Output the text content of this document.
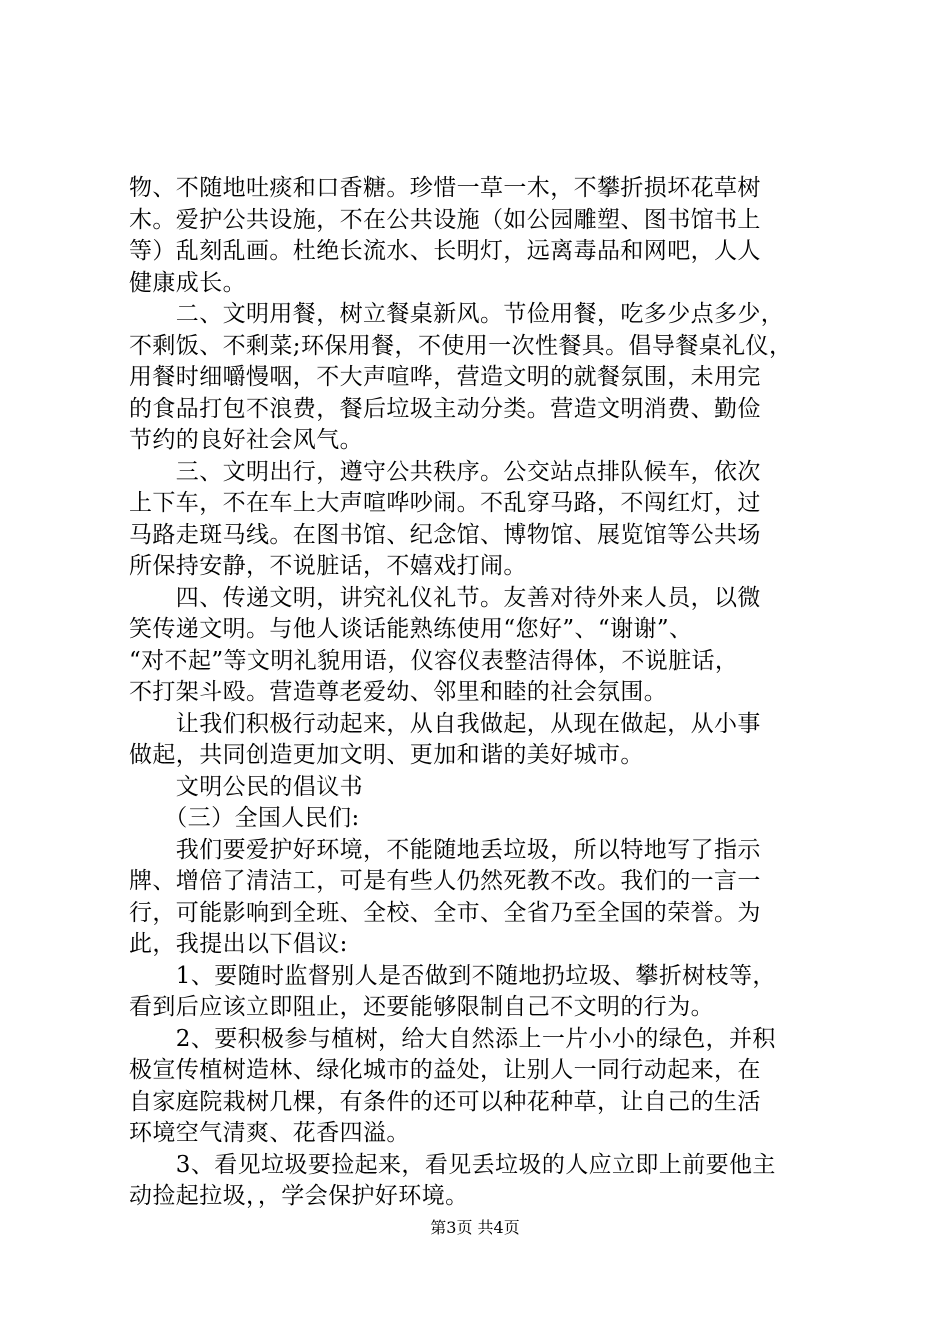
物、不随地吐痰和口香糖。珍惜一草一木，不攀折损坏花草树
木。爱护公共设施，不在公共设施（如公园雕塑、图书馆书上
等）乱刻乱画。杜绝长流水、长明灯，远离毒品和网吧，人人
健康成长。
　　二、文明用餐，树立餐桌新风。节俭用餐，吃多少点多少，
不剩饭、不剩菜;环保用餐，不使用一次性餐具。倡导餐桌礼仪，
用餐时细嚼慢咽，不大声喧哗，营造文明的就餐氛围，未用完
的食品打包不浪费，餐后垃圾主动分类。营造文明消费、勤俭
节约的良好社会风气。
　　三、文明出行，遵守公共秩序。公交站点排队候车，依次
上下车，不在车上大声喧哗吵闹。不乱穿马路，不闯红灯，过
马路走斑马线。在图书馆、纪念馆、博物馆、展览馆等公共场
所保持安静，不说脏话，不嬉戏打闹。
　　四、传递文明，讲究礼仪礼节。友善对待外来人员，以微
笑传递文明。与他人谈话能熟练使用“您好”、“谢谢”、
“对不起”等文明礼貌用语，仪容仪表整洁得体，不说脏话，
不打架斗殴。营造尊老爱幼、邻里和睦的社会氛围。
　　让我们积极行动起来，从自我做起，从现在做起，从小事
做起，共同创造更加文明、更加和谐的美好城市。
　　文明公民的倡议书
　　（三）全国人民们:
　　我们要爱护好环境，不能随地丢垃圾，所以特地写了指示
牌、增倍了清洁工，可是有些人仍然死教不改。我们的一言一
行，可能影响到全班、全校、全市、全省乃至全国的荣誉。为
此，我提出以下倡议:
　　1、要随时监督别人是否做到不随地扔垃圾、攀折树枝等，
看到后应该立即阻止，还要能够限制自己不文明的行为。
　　2、要积极参与植树，给大自然添上一片小小的绿色，并积
极宣传植树造林、绿化城市的益处，让别人一同行动起来，在
自家庭院栽树几棵，有条件的还可以种花种草，让自己的生活
环境空气清爽、花香四溢。
　　3、看见垃圾要捡起来，看见丢垃圾的人应立即上前要他主
动捡起拉圾，，学会保护好环境。
第3页 共4页
